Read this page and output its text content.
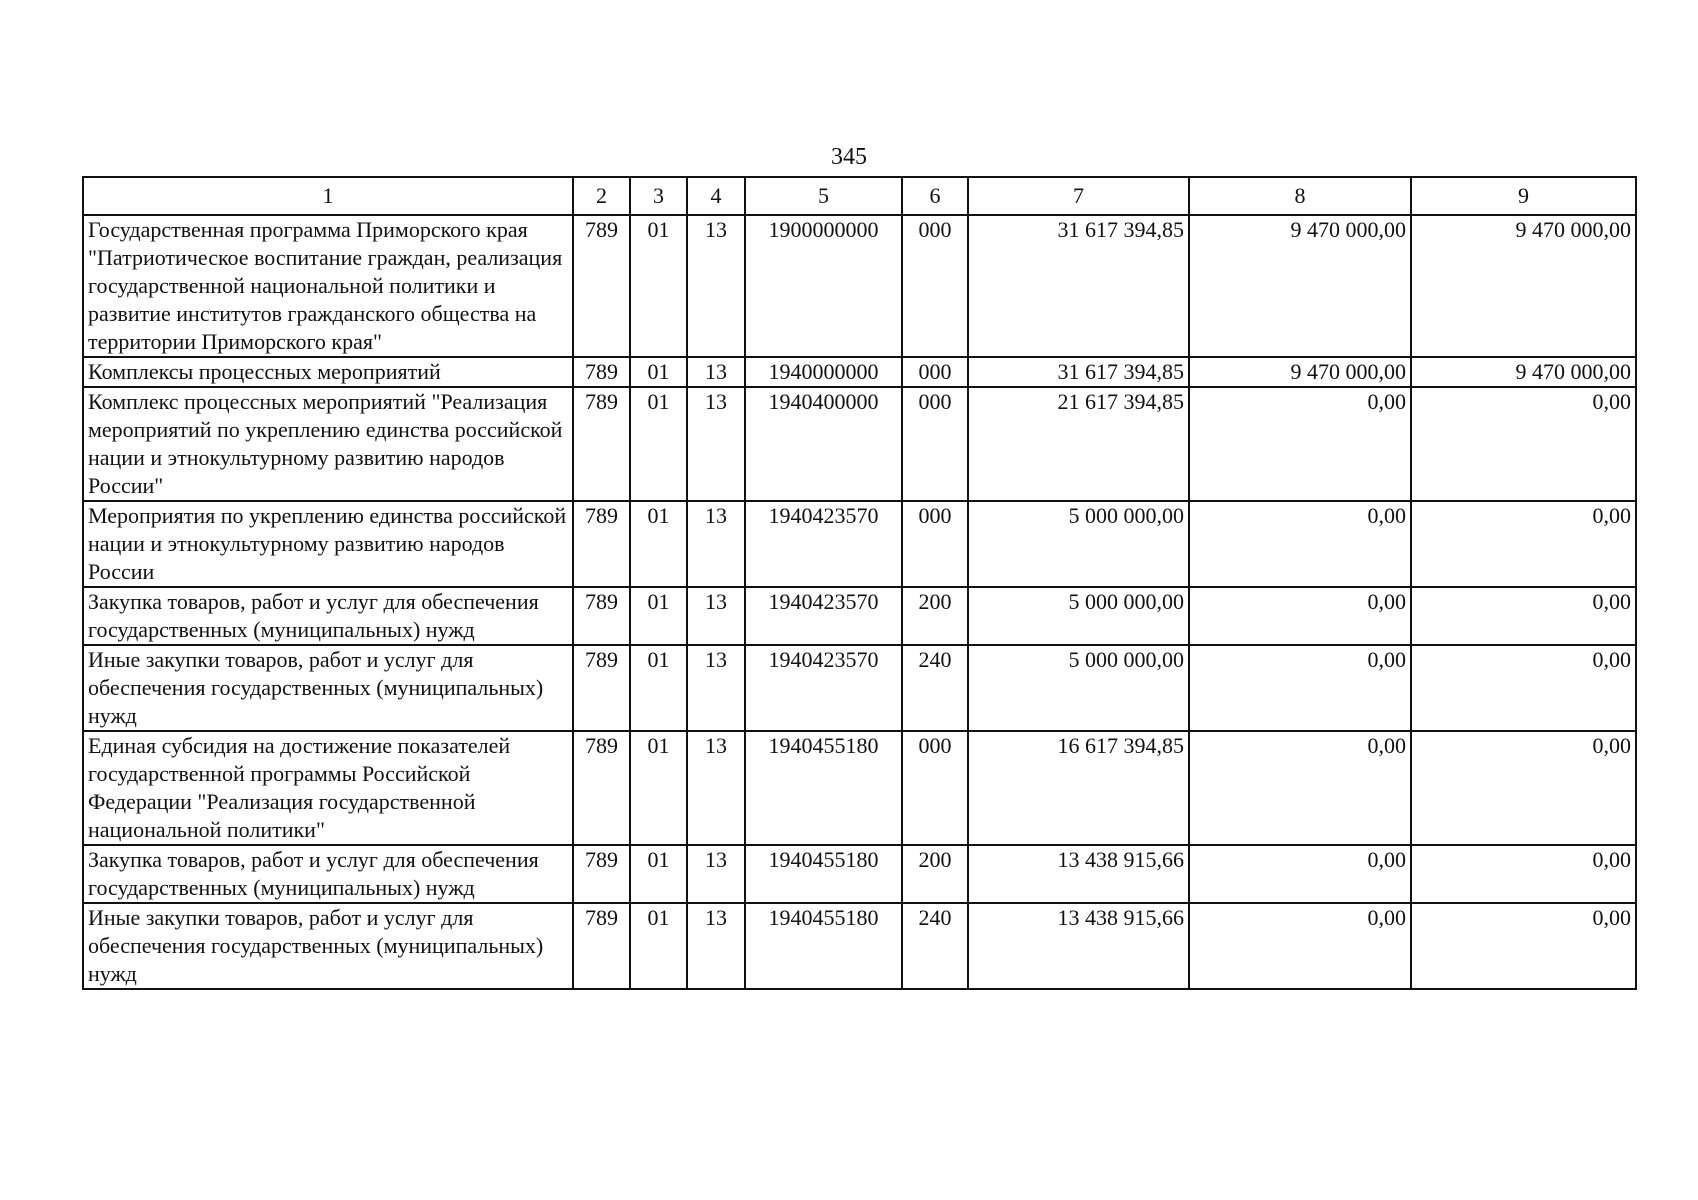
345
1	2	3	4	5	6	7	8	9
Государственная программа Приморского края "Патриотическое воспитание граждан, реализация государственной национальной политики и развитие институтов гражданского общества на территории Приморского края"	789	01	13	1900000000	000	31 617 394,85	9 470 000,00	9 470 000,00
Комплексы процессных мероприятий	789	01	13	1940000000	000	31 617 394,85	9 470 000,00	9 470 000,00
Комплекс процессных мероприятий "Реализация мероприятий по укреплению единства российской нации и этнокультурному развитию народов России"	789	01	13	1940400000	000	21 617 394,85	0,00	0,00
Мероприятия по укреплению единства российской нации и этнокультурному развитию народов России	789	01	13	1940423570	000	5 000 000,00	0,00	0,00
Закупка товаров, работ и услуг для обеспечения государственных (муниципальных) нужд	789	01	13	1940423570	200	5 000 000,00	0,00	0,00
Иные закупки товаров, работ и услуг для обеспечения государственных (муниципальных) нужд	789	01	13	1940423570	240	5 000 000,00	0,00	0,00
Единая субсидия на достижение показателей государственной программы Российской Федерации "Реализация государственной национальной политики"	789	01	13	1940455180	000	16 617 394,85	0,00	0,00
Закупка товаров, работ и услуг для обеспечения государственных (муниципальных) нужд	789	01	13	1940455180	200	13 438 915,66	0,00	0,00
Иные закупки товаров, работ и услуг для обеспечения государственных (муниципальных) нужд	789	01	13	1940455180	240	13 438 915,66	0,00	0,00
